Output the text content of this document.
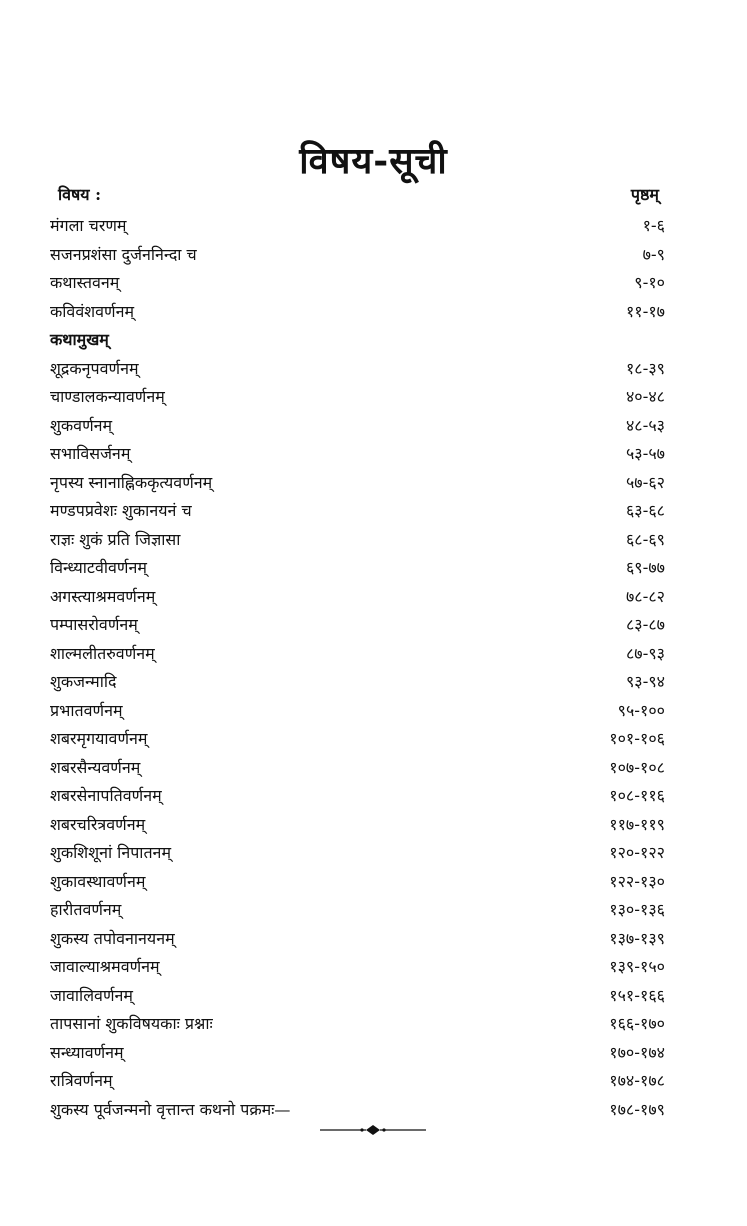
विषय-सूची
विषय :	पृष्ठम्
मंगला चरणम्	१-६
सजनप्रशंसा दुर्जननिन्दा च	७-९
कथास्तवनम्	९-१०
कविवंशवर्णनम्	११-१७
कथामुखम्
शूद्रकनृपवर्णनम्	१८-३९
चाण्डालकन्यावर्णनम्	४०-४८
शुकवर्णनम्	४८-५३
सभाविसर्जनम्	५३-५७
नृपस्य स्नानाह्निककृत्यवर्णनम्	५७-६२
मण्डपप्रवेशः शुकानयनं च	६३-६८
राज्ञः शुकं प्रति जिज्ञासा	६८-६९
विन्ध्याटवीवर्णनम्	६९-७७
अगस्त्याश्रमवर्णनम्	७८-८२
पम्पासरोवर्णनम्	८३-८७
शाल्मलीतरुवर्णनम्	८७-९३
शुकजन्मादि	९३-९४
प्रभातवर्णनम्	९५-१००
शबरमृगयावर्णनम्	१०१-१०६
शबरसैन्यवर्णनम्	१०७-१०८
शबरसेनापतिवर्णनम्	१०८-११६
शबरचरित्रवर्णनम्	११७-११९
शुकशिशूनां निपातनम्	१२०-१२२
शुकावस्थावर्णनम्	१२२-१३०
हारीतवर्णनम्	१३०-१३६
शुकस्य तपोवनानयनम्	१३७-१३९
जावाल्याश्रमवर्णनम्	१३९-१५०
जावालिवर्णनम्	१५१-१६६
तापसानां शुकविषयकाः प्रश्नाः	१६६-१७०
सन्ध्यावर्णनम्	१७०-१७४
रात्रिवर्णनम्	१७४-१७८
शुकस्य पूर्वजन्मनो वृत्तान्त कथनो पक्रमः—	१७८-१७९
